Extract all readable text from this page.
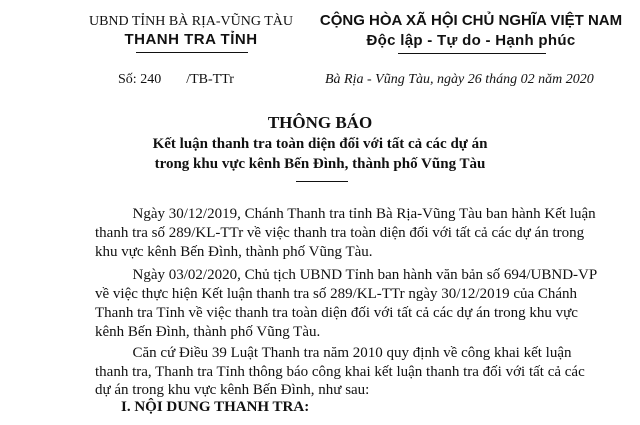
UBND TỈNH BÀ RỊA-VŨNG TÀU
THANH TRA TỈNH
CỘNG HÒA XÃ HỘI CHỦ NGHĨA VIỆT NAM
Độc lập - Tự do - Hạnh phúc
Số: 240 /TB-TTr	Bà Rịa - Vũng Tàu, ngày 26 tháng 02 năm 2020
THÔNG BÁO
Kết luận thanh tra toàn diện đối với tất cả các dự án
trong khu vực kênh Bến Đình, thành phố Vũng Tàu
Ngày 30/12/2019, Chánh Thanh tra tỉnh Bà Rịa-Vũng Tàu ban hành Kết luận
thanh tra số 289/KL-TTr về việc thanh tra toàn diện đối với tất cả các dự án trong
khu vực kênh Bến Đình, thành phố Vũng Tàu.
Ngày 03/02/2020, Chủ tịch UBND Tỉnh ban hành văn bản số 694/UBND-VP
về việc thực hiện Kết luận thanh tra số 289/KL-TTr ngày 30/12/2019 của Chánh
Thanh tra Tỉnh về việc thanh tra toàn diện đối với tất cả các dự án trong khu vực
kênh Bến Đình, thành phố Vũng Tàu.
Căn cứ Điều 39 Luật Thanh tra năm 2010 quy định về công khai kết luận
thanh tra, Thanh tra Tỉnh thông báo công khai kết luận thanh tra đối với tất cả các
dự án trong khu vực kênh Bến Đình, như sau:
I. NỘI DUNG THANH TRA:
